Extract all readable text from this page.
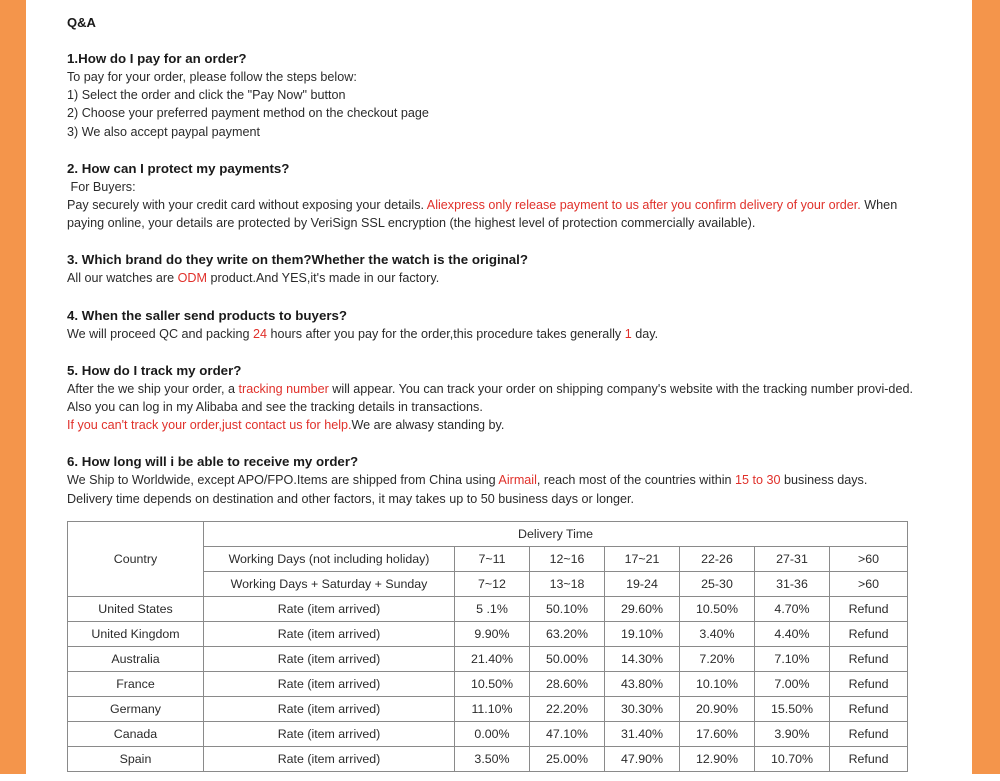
Q&A
1.How do I pay for an order?
To pay for your order, please follow the steps below:
1) Select the order and click the "Pay Now" button
2) Choose your preferred payment method on the checkout page
3) We also accept paypal payment
2. How can I protect my payments?
For Buyers:

Pay securely with your credit card without exposing your details. Aliexpress only release payment to us after you confirm delivery of your order. When paying online, your details are protected by VeriSign SSL encryption (the highest level of protection commercially available).

3. Which brand do they write on them?Whether the watch is the original?

All our watches are ODM product.And YES,it's made in our factory.

4. When the saller send products to buyers?

We will proceed QC and packing 24 hours after you pay for the order,this procedure takes generally 1 day.

5. How do I track my order?

After the we ship your order, a tracking number will appear. You can track your order on shipping company's website with the tracking number provi-ded.

Also you can log in my Alibaba and see the tracking details in transactions.

If you can't track your order,just contact us for help.We are alwasy standing by.

6. How long will i be able to receive my order?

We Ship to Worldwide, except APO/FPO.Items are shipped from China using Airmail, reach most of the countries within 15 to 30 business days.

Delivery time depends on destination and other factors, it may takes up to 50 business days or longer.
Country	Delivery Time						
	Working Days (not including holiday)	7~11	12~16	17~21	22-26	27-31	>60
	Working Days + Saturday + Sunday	7~12	13~18	19-24	25-30	31-36	>60
United States	Rate (item arrived)	5 .1%	50.10%	29.60%	10.50%	4.70%	Refund
United Kingdom	Rate (item arrived)	9.90%	63.20%	19.10%	3.40%	4.40%	Refund
Australia	Rate (item arrived)	21.40%	50.00%	14.30%	7.20%	7.10%	Refund
France	Rate (item arrived)	10.50%	28.60%	43.80%	10.10%	7.00%	Refund
Germany	Rate (item arrived)	11.10%	22.20%	30.30%	20.90%	15.50%	Refund
Canada	Rate (item arrived)	0.00%	47.10%	31.40%	17.60%	3.90%	Refund
Spain	Rate (item arrived)	3.50%	25.00%	47.90%	12.90%	10.70%	Refund
